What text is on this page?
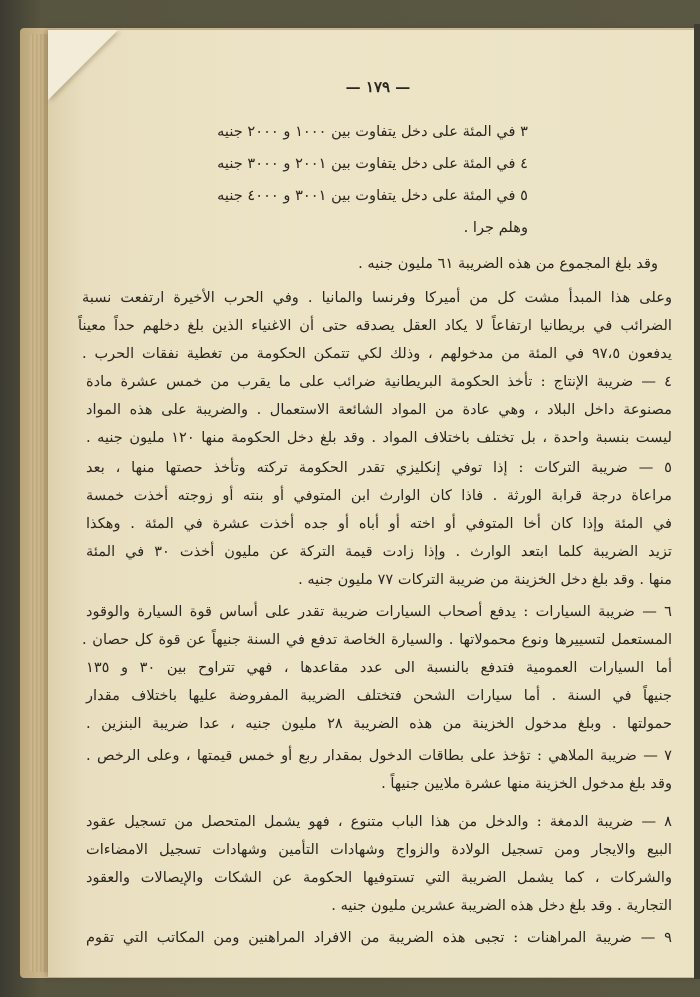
— ١٧٩ —
٣ في المئة على دخل يتفاوت بين ١٠٠٠ و ٢٠٠٠ جنيه
٤ في المئة على دخل يتفاوت بين ٢٠٠١ و ٣٠٠٠ جنيه
٥ في المئة على دخل يتفاوت بين ٣٠٠١ و ٤٠٠٠ جنيه
وهلم جرا .
وقد بلغ المجموع من هذه الضريبة ٦١ مليون جنيه .
وعلى هذا المبدأ مشت كل من أميركا وفرنسا والمانيا . وفي الحرب الأخيرة ارتفعت نسبة
الضرائب في بريطانيا ارتفاعاً لا يكاد العقل يصدقه حتى أن الاغنياء الذين بلغ دخلهم حداً معيناً
يدفعون ٩٧،٥ في المئة من مدخولهم ، وذلك لكي تتمكن الحكومة من تغطية نفقات الحرب .
٤ — ضريبة الإنتاج : تأخذ الحكومة البريطانية ضرائب على ما يقرب من خمس عشرة مادة
مصنوعة داخل البلاد ، وهي عادة من المواد الشائعة الاستعمال . والضريبة على هذه المواد
ليست بنسبة واحدة ، بل تختلف باختلاف المواد . وقد بلغ دخل الحكومة منها ١٢٠ مليون جنيه .
٥ — ضريبة التركات : إذا توفي إنكليزي تقدر الحكومة تركته وتأخذ حصتها منها ، بعد
مراعاة درجة قرابة الورثة . فاذا كان الوارث ابن المتوفي أو بنته أو زوجته أخذت خمسة
في المئة وإذا كان أخا المتوفي أو اخته أو أباه أو جده أخذت عشرة في المئة . وهكذا
تزيد الضريبة كلما ابتعد الوارث . وإذا زادت قيمة التركة عن مليون أخذت ٣٠ في المئة
منها . وقد بلغ دخل الخزينة من ضريبة التركات ٧٧ مليون جنيه .
٦ — ضريبة السيارات : يدفع أصحاب السيارات ضريبة تقدر على أساس قوة السيارة والوقود
المستعمل لتسييرها ونوع محمولاتها . والسيارة الخاصة تدفع في السنة جنيهاً عن قوة كل حصان .
أما السيارات العمومية فتدفع بالنسبة الى عدد مقاعدها ، فهي تتراوح بين ٣٠ و ١٣٥
جنيهاً في السنة . أما سيارات الشحن فتختلف الضريبة المفروضة عليها باختلاف مقدار
حمولتها . وبلغ مدخول الخزينة من هذه الضريبة ٢٨ مليون جنيه ، عدا ضريبة البنزين .
٧ — ضريبة الملاهي : تؤخذ على بطاقات الدخول بمقدار ربع أو خمس قيمتها ، وعلى الرخص .
وقد بلغ مدخول الخزينة منها عشرة ملايين جنيهاً .
٨ — ضريبة الدمغة : والدخل من هذا الباب متنوع ، فهو يشمل المتحصل من تسجيل عقود
البيع والايجار ومن تسجيل الولادة والزواج وشهادات التأمين وشهادات تسجيل الامضاءات
والشركات ، كما يشمل الضريبة التي تستوفيها الحكومة عن الشكات والإيصالات والعقود
التجارية . وقد بلغ دخل هذه الضريبة عشرين مليون جنيه .
٩ — ضريبة المراهنات : تجبى هذه الضريبة من الافراد المراهنين ومن المكاتب التي تقوم
